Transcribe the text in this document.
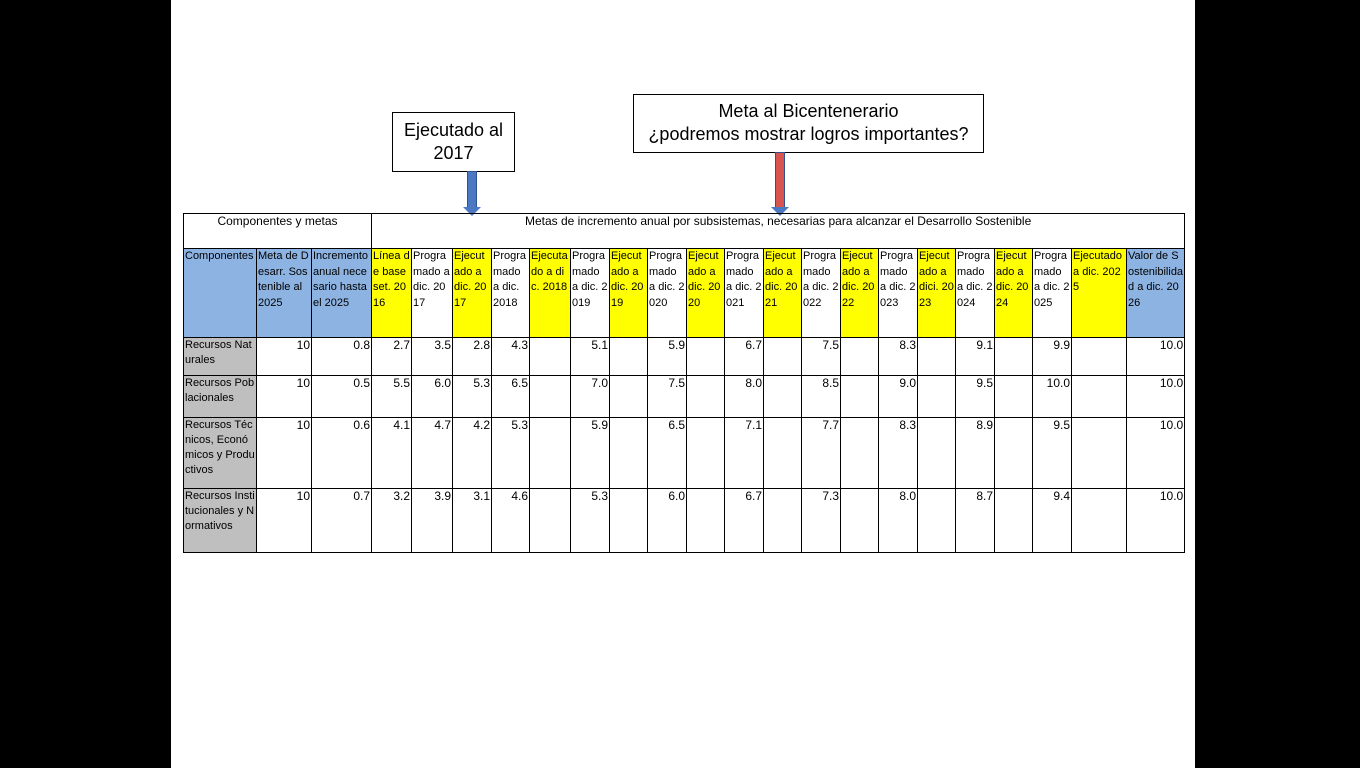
Ejecutado al
2017
Meta al Bicentenerario
¿podremos mostrar logros importantes?
Componentes y metas			Metas de incremento anual por subsistemas, necesarias para alcanzar el Desarrollo Sostenible																			
Componentes	Meta de Desarr. Sostenible al 2025	Incremento anual necesario hasta el 2025	Línea de base set. 2016	Programado a dic. 2017	Ejecutado a dic. 2017	Programado a dic. 2018	Ejecutado a dic. 2018	Programado a dic. 2019	Ejecutado a dic. 2019	Programado a dic. 2020	Ejecutado a dic. 2020	Programado a dic. 2021	Ejecutado a dic. 2021	Programado a dic. 2022	Ejecutado a dic. 2022	Programado a dic. 2023	Ejecutado a dici. 2023	Programado a dic. 2024	Ejecutado a dic. 2024	Programado a dic. 2025	Ejecutado a dic. 2025	Valor de Sostenibilidad a dic. 2026
Recursos Naturales	10	0.8	2.7	3.5	2.8	4.3		5.1		5.9		6.7		7.5		8.3		9.1		9.9		10.0
Recursos Poblacionales	10	0.5	5.5	6.0	5.3	6.5		7.0		7.5		8.0		8.5		9.0		9.5		10.0		10.0
Recursos Técnicos, Económicos y Productivos	10	0.6	4.1	4.7	4.2	5.3		5.9		6.5		7.1		7.7		8.3		8.9		9.5		10.0
Recursos Institucionales y Normativos	10	0.7	3.2	3.9	3.1	4.6		5.3		6.0		6.7		7.3		8.0		8.7		9.4		10.0
